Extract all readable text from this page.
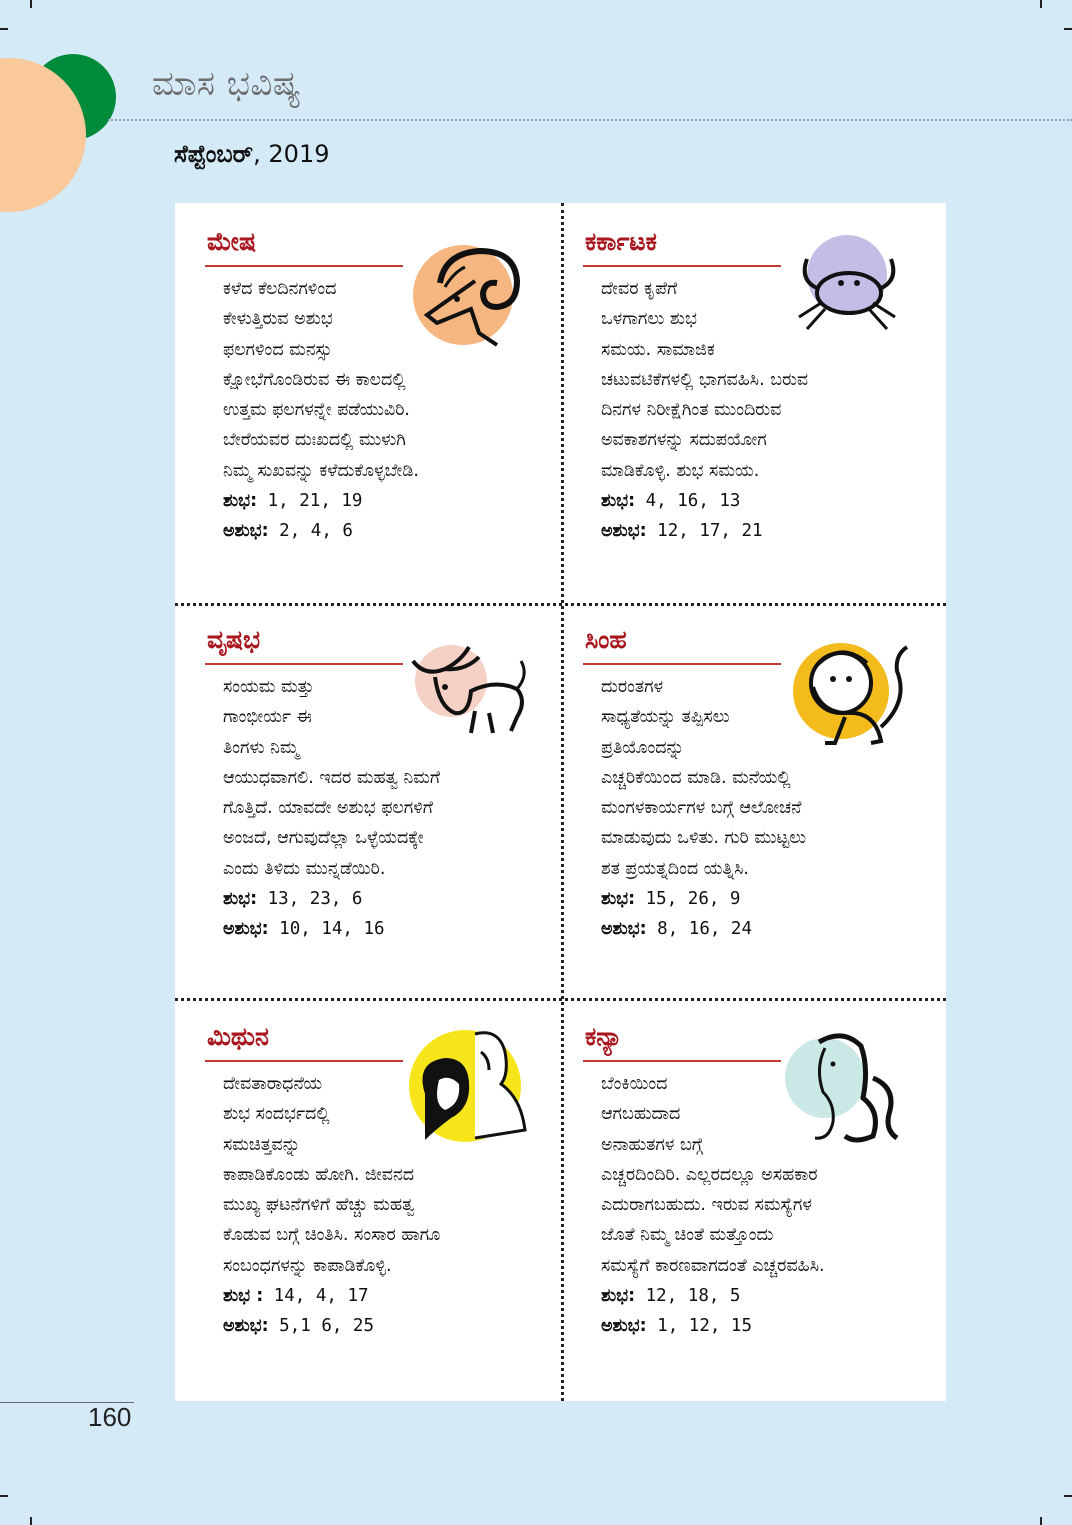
ಮಾಸ ಭವಿಷ್ಯ
ಸೆಪ್ಟೆಂಬರ್, 2019
ಮೇಷ

ಕಳೆದ ಕೆಲದಿನಗಳಿಂದ

ಕೇಳುತ್ತಿರುವ ಅಶುಭ

ಫಲಗಳಿಂದ ಮನಸ್ಸು

ಕ್ಷೋಭೆಗೊಂಡಿರುವ ಈ ಕಾಲದಲ್ಲಿ

ಉತ್ತಮ ಫಲಗಳನ್ನೇ ಪಡೆಯುವಿರಿ.

ಬೇರೆಯವರ ದುಃಖದಲ್ಲಿ ಮುಳುಗಿ

ನಿಮ್ಮ ಸುಖವನ್ನು ಕಳೆದುಕೊಳ್ಳಬೇಡಿ.

ಶುಭ: 1, 21, 19
ಅಶುಭ: 2, 4, 6
ಕರ್ಕಾಟಕ

ದೇವರ ಕೃಪೆಗೆ

ಒಳಗಾಗಲು ಶುಭ

ಸಮಯ. ಸಾಮಾಜಿಕ

ಚಟುವಟಿಕೆಗಳಲ್ಲಿ ಭಾಗವಹಿಸಿ. ಬರುವ

ದಿನಗಳ ನಿರೀಕ್ಷೆಗಿಂತ ಮುಂದಿರುವ

ಅವಕಾಶಗಳನ್ನು ಸದುಪಯೋಗ

ಮಾಡಿಕೊಳ್ಳಿ. ಶುಭ ಸಮಯ.

ಶುಭ: 4, 16, 13
ಅಶುಭ: 12, 17, 21
ವೃಷಭ

ಸಂಯಮ ಮತ್ತು

ಗಾಂಭೀರ್ಯ ಈ

ತಿಂಗಳು ನಿಮ್ಮ

ಆಯುಧವಾಗಲಿ. ಇದರ ಮಹತ್ವ ನಿಮಗೆ

ಗೊತ್ತಿದೆ. ಯಾವದೇ ಅಶುಭ ಫಲಗಳಿಗೆ

ಅಂಜದೆ, ಆಗುವುದೆಲ್ಲಾ ಒಳ್ಳೆಯದಕ್ಕೇ

ಎಂದು ತಿಳಿದು ಮುನ್ನಡೆಯಿರಿ.

ಶುಭ: 13, 23, 6
ಅಶುಭ: 10, 14, 16
ಸಿಂಹ

ದುರಂತಗಳ

ಸಾಧ್ಯತೆಯನ್ನು ತಪ್ಪಿಸಲು

ಪ್ರತಿಯೊಂದನ್ನು

ಎಚ್ಚರಿಕೆಯಿಂದ ಮಾಡಿ. ಮನೆಯಲ್ಲಿ

ಮಂಗಳಕಾರ್ಯಗಳ ಬಗ್ಗೆ ಆಲೋಚನೆ

ಮಾಡುವುದು ಒಳಿತು. ಗುರಿ ಮುಟ್ಟಲು

ಶತ ಪ್ರಯತ್ನದಿಂದ ಯತ್ನಿಸಿ.

ಶುಭ: 15, 26, 9
ಅಶುಭ: 8, 16, 24
ಮಿಥುನ

ದೇವತಾರಾಧನೆಯ

ಶುಭ ಸಂದರ್ಭದಲ್ಲಿ

ಸಮಚಿತ್ತವನ್ನು

ಕಾಪಾಡಿಕೊಂಡು ಹೋಗಿ. ಜೀವನದ

ಮುಖ್ಯ ಘಟನೆಗಳಿಗೆ ಹೆಚ್ಚು ಮಹತ್ವ

ಕೊಡುವ ಬಗ್ಗೆ ಚಿಂತಿಸಿ. ಸಂಸಾರ ಹಾಗೂ

ಸಂಬಂಧಗಳನ್ನು ಕಾಪಾಡಿಕೊಳ್ಳಿ.

ಶುಭ : 14, 4, 17
ಅಶುಭ: 5,1 6, 25
ಕನ್ಯಾ

ಬೆಂಕಿಯಿಂದ

ಆಗಬಹುದಾದ

ಅನಾಹುತಗಳ ಬಗ್ಗೆ

ಎಚ್ಚರದಿಂದಿರಿ. ಎಲ್ಲರದಲ್ಲೂ ಅಸಹಕಾರ

ಎದುರಾಗಬಹುದು. ಇರುವ ಸಮಸ್ಯೆಗಳ

ಜೊತೆ ನಿಮ್ಮ ಚಿಂತೆ ಮತ್ತೊಂದು

ಸಮಸ್ಯೆಗೆ ಕಾರಣವಾಗದಂತೆ ಎಚ್ಚರವಹಿಸಿ.

ಶುಭ: 12, 18, 5
ಅಶುಭ: 1, 12, 15
160
